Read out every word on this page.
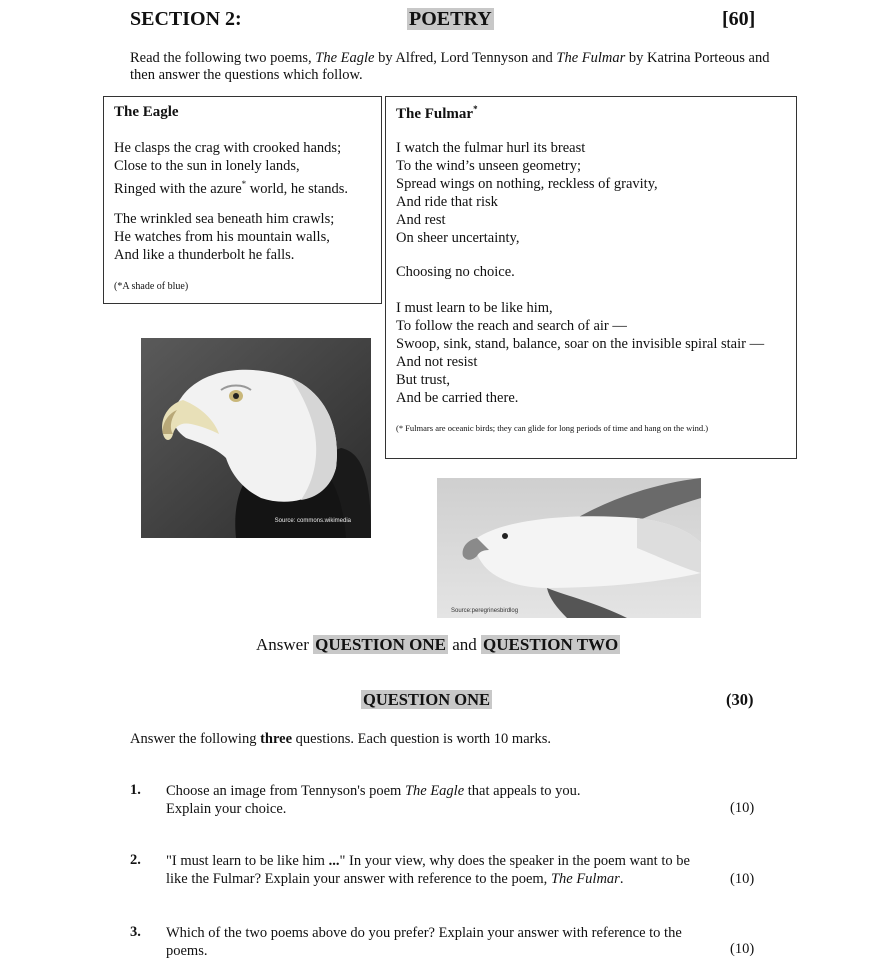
SECTION 2:	POETRY	[60]
Read the following two poems, The Eagle by Alfred, Lord Tennyson and The Fulmar by Katrina Porteous and then answer the questions which follow.
The Eagle
He clasps the crag with crooked hands;
Close to the sun in lonely lands,
Ringed with the azure* world, he stands.
The wrinkled sea beneath him crawls;
He watches from his mountain walls,
And like a thunderbolt he falls.
(*A shade of blue)
The Fulmar*
I watch the fulmar hurl its breast
To the wind’s unseen geometry;
Spread wings on nothing, reckless of gravity,
And ride that risk
And rest
On sheer uncertainty,
Choosing no choice.
I must learn to be like him,
To follow the reach and search of air —
Swoop, sink, stand, balance, soar on the invisible spiral stair —
And not resist
But trust,
And be carried there.
(* Fulmars are oceanic birds; they can glide for long periods of time and hang on the wind.)
Source: commons.wikimedia
Source:peregrinesbirdlog
Answer QUESTION ONE and QUESTION TWO
QUESTION ONE	(30)
Answer the following three questions. Each question is worth 10 marks.
1. Choose an image from Tennyson's poem The Eagle that appeals to you.
Explain your choice.	(10)
2. "I must learn to be like him ..." In your view, why does the speaker in the poem want to be
like the Fulmar? Explain your answer with reference to the poem, The Fulmar.	(10)
3. Which of the two poems above do you prefer? Explain your answer with reference to the
poems.	(10)
